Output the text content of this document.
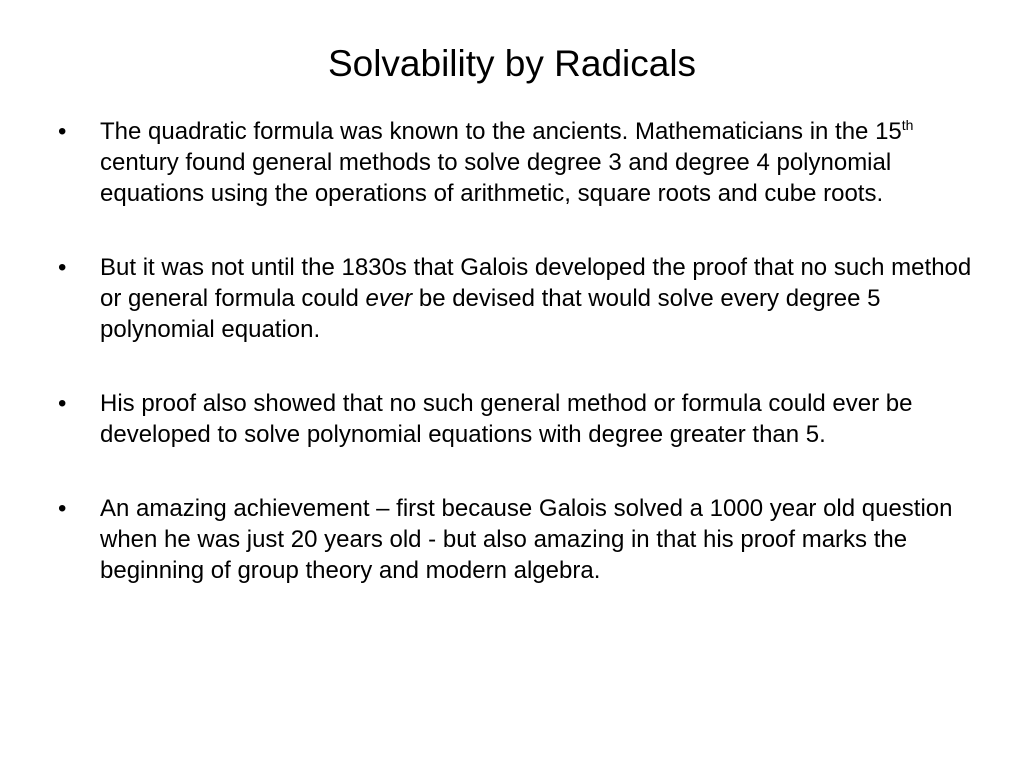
Solvability by Radicals
• The quadratic formula was known to the ancients. Mathematicians in the 15th century found general methods to solve degree 3 and degree 4 polynomial equations using the operations of arithmetic, square roots and cube roots.
• But it was not until the 1830s that Galois developed the proof that no such method or general formula could ever be devised that would solve every degree 5 polynomial equation.
• His proof also showed that no such general method or formula could ever be developed to solve polynomial equations with degree greater than 5.
• An amazing achievement – first because Galois solved a 1000 year old question when he was just 20 years old - but also amazing in that his proof marks the beginning of group theory and modern algebra.
